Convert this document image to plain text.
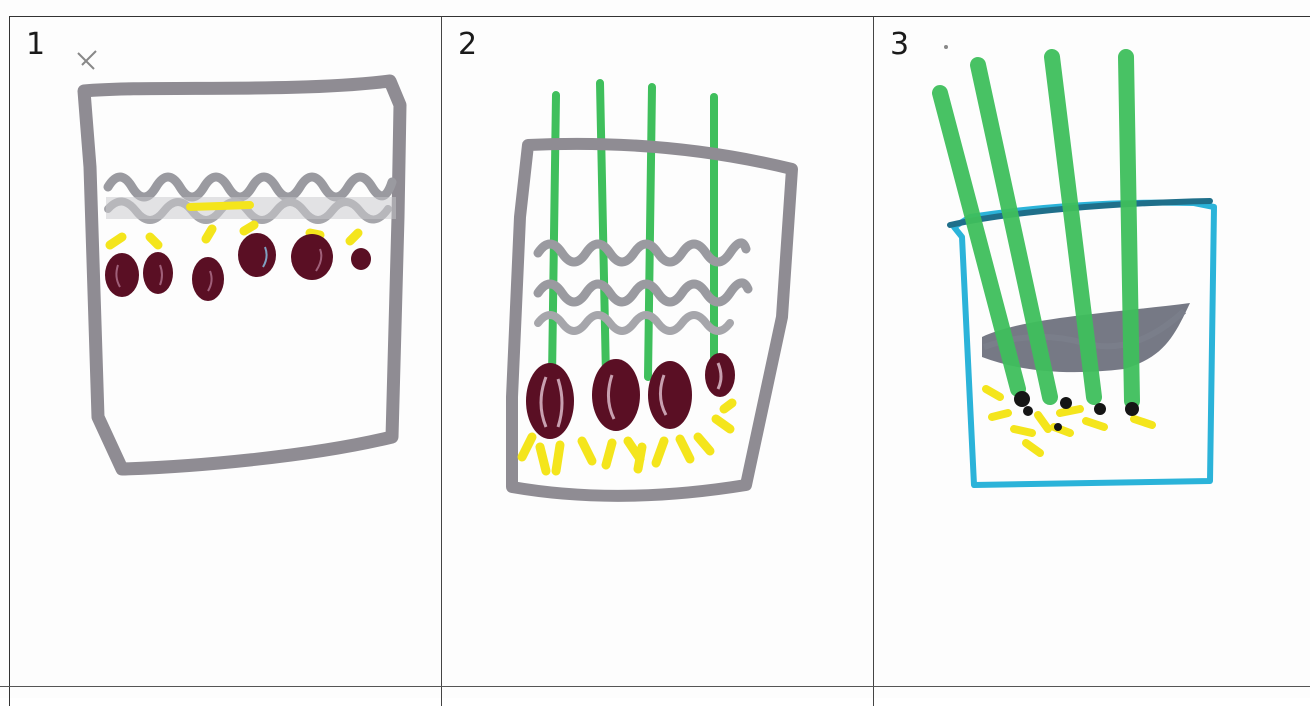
1	2	3
